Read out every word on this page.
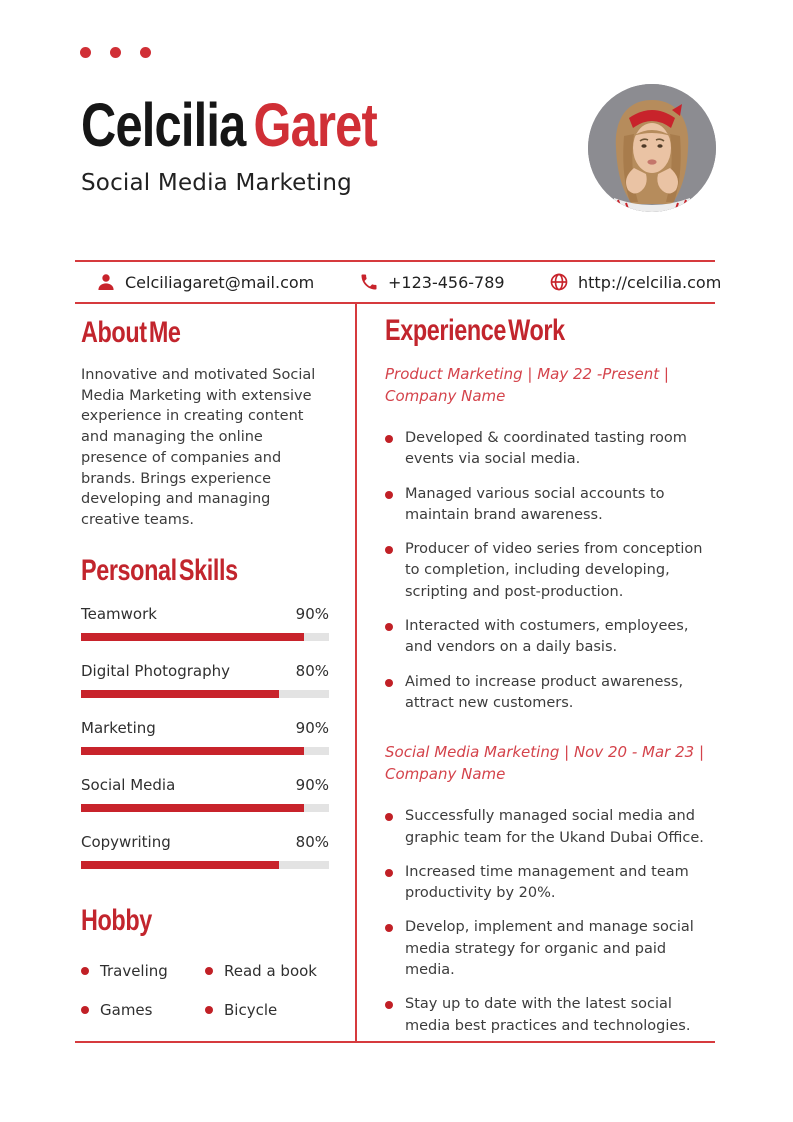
Celcilia Garet
Social Media Marketing
Celciliagaret@mail.com	+123-456-789	http://celcilia.com
About Me
Innovative and motivated Social Media Marketing with extensive experience in creating content and managing the online presence of companies and brands. Brings experience developing and managing creative teams.
Personal Skills
Teamwork	90%
Digital Photography	80%
Marketing	90%
Social Media	90%
Copywriting	80%
Hobby
Traveling	Read a book
Games	Bicycle
Experience Work
Product Marketing | May 22 -Present | Company Name
Developed & coordinated tasting room events via social media.
Managed various social accounts to maintain brand awareness.
Producer of video series from conception to completion, including developing, scripting and post-production.
Interacted with costumers, employees, and vendors on a daily basis.
Aimed to increase product awareness, attract new customers.
Social Media Marketing | Nov 20 - Mar 23 | Company Name
Successfully managed social media and graphic team for the Ukand Dubai Office.
Increased time management and team productivity by 20%.
Develop, implement and manage social media strategy for organic and paid media.
Stay up to date with the latest social media best practices and technologies.
